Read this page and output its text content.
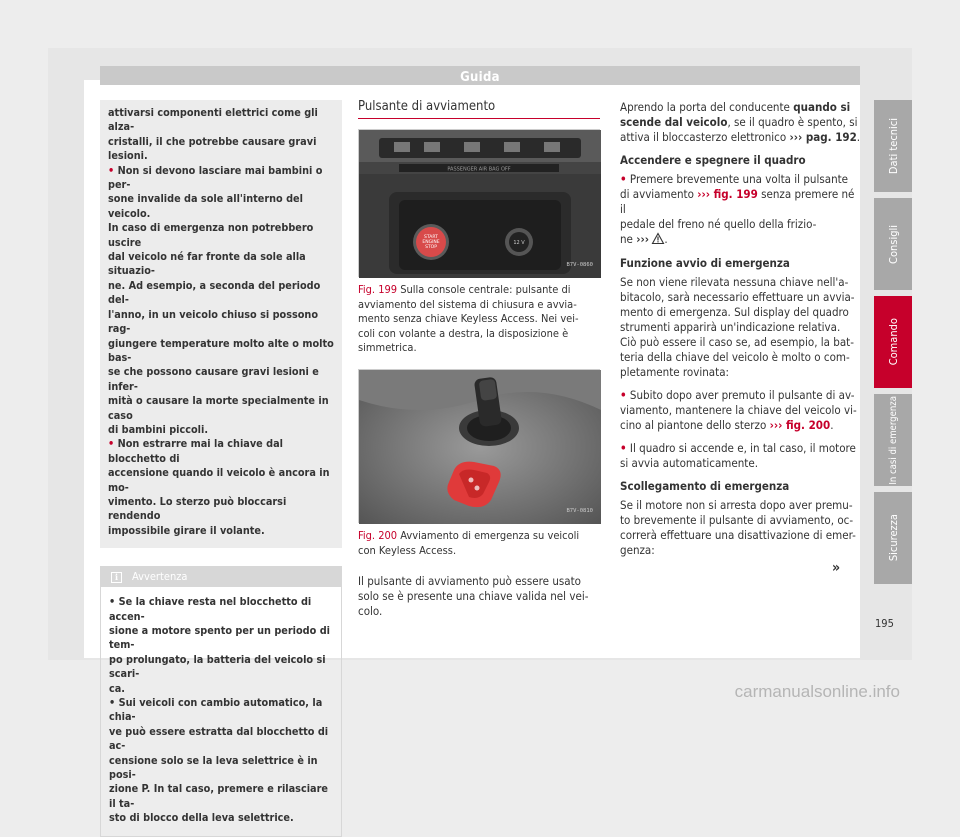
Guida
attivarsi componenti elettrici come gli alza-
cristalli, il che potrebbe causare gravi lesioni.
• Non si devono lasciare mai bambini o per-
sone invalide da sole all'interno del veicolo.
In caso di emergenza non potrebbero uscire
dal veicolo né far fronte da sole alla situazio-
ne. Ad esempio, a seconda del periodo del-
l'anno, in un veicolo chiuso si possono rag-
giungere temperature molto alte o molto bas-
se che possono causare gravi lesioni e infer-
mità o causare la morte specialmente in caso
di bambini piccoli.
• Non estrarre mai la chiave dal blocchetto di
accensione quando il veicolo è ancora in mo-
vimento. Lo sterzo può bloccarsi rendendo
impossibile girare il volante.
i	Avvertenza

• Se la chiave resta nel blocchetto di accen-
sione a motore spento per un periodo di tem-
po prolungato, la batteria del veicolo si scari-
ca.

• Sui veicoli con cambio automatico, la chia-
ve può essere estratta dal blocchetto di ac-
censione solo se la leva selettrice è in posi-
zione P. In tal caso, premere e rilasciare il ta-
sto di blocco della leva selettrice.

Pulsante di avviamento
PASSENGER AIR BAG OFF
START
ENGINE
STOP
12 V
B7V-0860
Fig. 199 Sulla console centrale: pulsante di
avviamento del sistema di chiusura e avvia-
mento senza chiave Keyless Access. Nei vei-
coli con volante a destra, la disposizione è
simmetrica.
B7V-0810
Fig. 200 Avviamento di emergenza su veicoli
con Keyless Access.
Il pulsante di avviamento può essere usato
solo se è presente una chiave valida nel vei-
colo.

Aprendo la porta del conducente quando si
scende dal veicolo, se il quadro è spento, si
attiva il bloccasterzo elettronico ››› pag. 192.

Accendere e spegnere il quadro

• Premere brevemente una volta il pulsante
di avviamento ››› fig. 199 senza premere né il
pedale del freno né quello della frizio-
ne ››› .

Funzione avvio di emergenza

Se non viene rilevata nessuna chiave nell'a-
bitacolo, sarà necessario effettuare un avvia-
mento di emergenza. Sul display del quadro
strumenti apparirà un'indicazione relativa.
Ciò può essere il caso se, ad esempio, la bat-
teria della chiave del veicolo è molto o com-
pletamente rovinata:

• Subito dopo aver premuto il pulsante di av-
viamento, mantenere la chiave del veicolo vi-
cino al piantone dello sterzo ››› fig. 200.

• Il quadro si accende e, in tal caso, il motore
si avvia automaticamente.

Scollegamento di emergenza

Se il motore non si arresta dopo aver premu-
to brevemente il pulsante di avviamento, oc-
correrà effettuare una disattivazione di emer-
genza:

»
Dati tecnici
Consigli
Comando
In casi di emergenza
Sicurezza
195
carmanualsonline.info
